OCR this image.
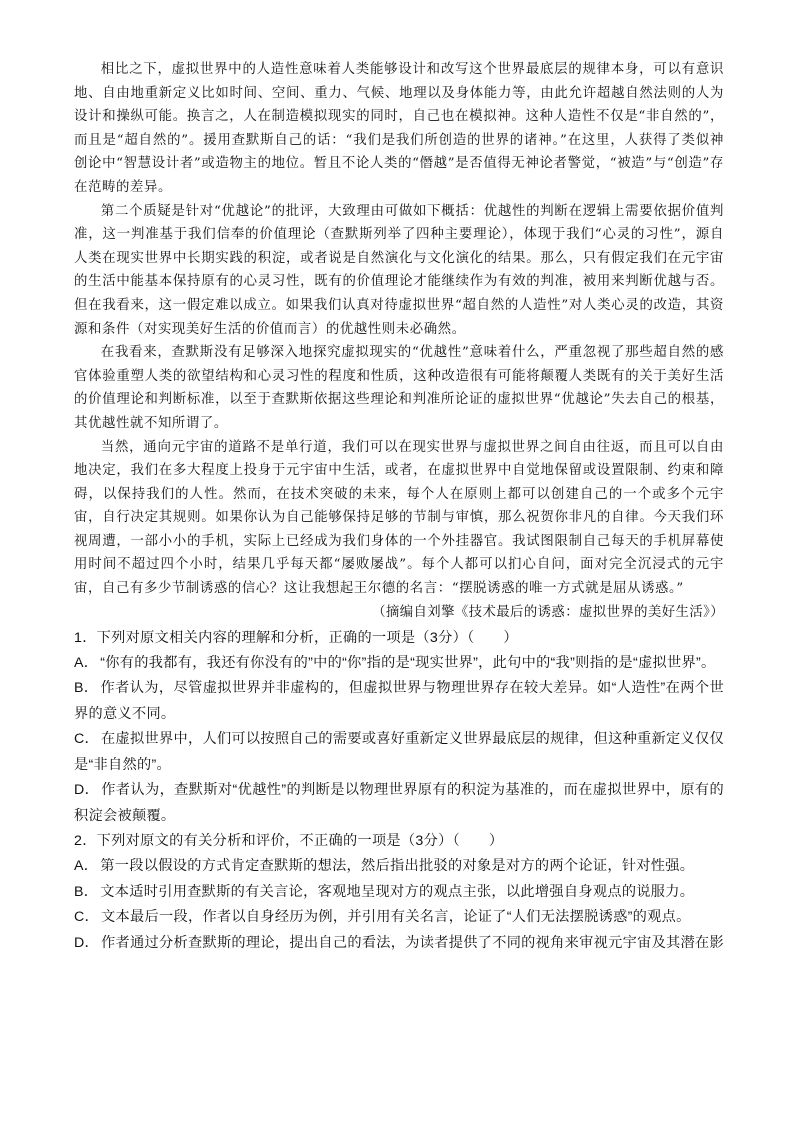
相比之下，虚拟世界中的人造性意味着人类能够设计和改写这个世界最底层的规律本身，可以有意识地、自由地重新定义比如时间、空间、重力、气候、地理以及身体能力等，由此允许超越自然法则的人为设计和操纵可能。换言之，人在制造模拟现实的同时，自己也在模拟神。这种人造性不仅是“非自然的”，而且是“超自然的”。援用查默斯自己的话：“我们是我们所创造的世界的诸神。”在这里，人获得了类似神创论中“智慧设计者”或造物主的地位。暂且不论人类的“僭越”是否值得无神论者警觉，“被造”与“创造”存在范畴的差异。

第二个质疑是针对“优越论”的批评，大致理由可做如下概括：优越性的判断在逻辑上需要依据价值判准，这一判准基于我们信奉的价值理论（查默斯列举了四种主要理论），体现于我们“心灵的习性”，源自人类在现实世界中长期实践的积淀，或者说是自然演化与文化演化的结果。那么，只有假定我们在元宇宙的生活中能基本保持原有的心灵习性，既有的价值理论才能继续作为有效的判准，被用来判断优越与否。但在我看来，这一假定难以成立。如果我们认真对待虚拟世界“超自然的人造性”对人类心灵的改造，其资源和条件（对实现美好生活的价值而言）的优越性则未必确然。

在我看来，查默斯没有足够深入地探究虚拟现实的“优越性”意味着什么，严重忽视了那些超自然的感官体验重塑人类的欲望结构和心灵习性的程度和性质，这种改造很有可能将颠覆人类既有的关于美好生活的价值理论和判断标准，以至于查默斯依据这些理论和判准所论证的虚拟世界“优越论”失去自己的根基，其优越性就不知所谓了。

当然，通向元宇宙的道路不是单行道，我们可以在现实世界与虚拟世界之间自由往返，而且可以自由地决定，我们在多大程度上投身于元宇宙中生活，或者，在虚拟世界中自觉地保留或设置限制、约束和障碍，以保持我们的人性。然而，在技术突破的未来，每个人在原则上都可以创建自己的一个或多个元宇宙，自行决定其规则。如果你认为自己能够保持足够的节制与审慎，那么祝贺你非凡的自律。今天我们环视周遭，一部小小的手机，实际上已经成为我们身体的一个外挂器官。我试图限制自己每天的手机屏幕使用时间不超过四个小时，结果几乎每天都“屡败屡战”。每个人都可以扪心自问，面对完全沉浸式的元宇宙，自己有多少节制诱惑的信心？这让我想起王尔德的名言：“摆脱诱惑的唯一方式就是屈从诱惑。”

（摘编自刘擎《技术最后的诱惑：虚拟世界的美好生活》）

1．下列对原文相关内容的理解和分析，正确的一项是（3分）（　　）

A． “你有的我都有，我还有你没有的”中的“你”指的是“现实世界”，此句中的“我”则指的是“虚拟世界”。

B． 作者认为，尽管虚拟世界并非虚构的，但虚拟世界与物理世界存在较大差异。如“人造性”在两个世界的意义不同。

C． 在虚拟世界中，人们可以按照自己的需要或喜好重新定义世界最底层的规律，但这种重新定义仅仅是“非自然的”。

D． 作者认为，查默斯对“优越性”的判断是以物理世界原有的积淀为基准的，而在虚拟世界中，原有的积淀会被颠覆。

2．下列对原文的有关分析和评价，不正确的一项是（3分）（　　）

A． 第一段以假设的方式肯定查默斯的想法，然后指出批驳的对象是对方的两个论证，针对性强。

B． 文本适时引用查默斯的有关言论，客观地呈现对方的观点主张，以此增强自身观点的说服力。

C． 文本最后一段，作者以自身经历为例，并引用有关名言，论证了“人们无法摆脱诱惑”的观点。

D． 作者通过分析查默斯的理论，提出自己的看法，为读者提供了不同的视角来审视元宇宙及其潜在影
